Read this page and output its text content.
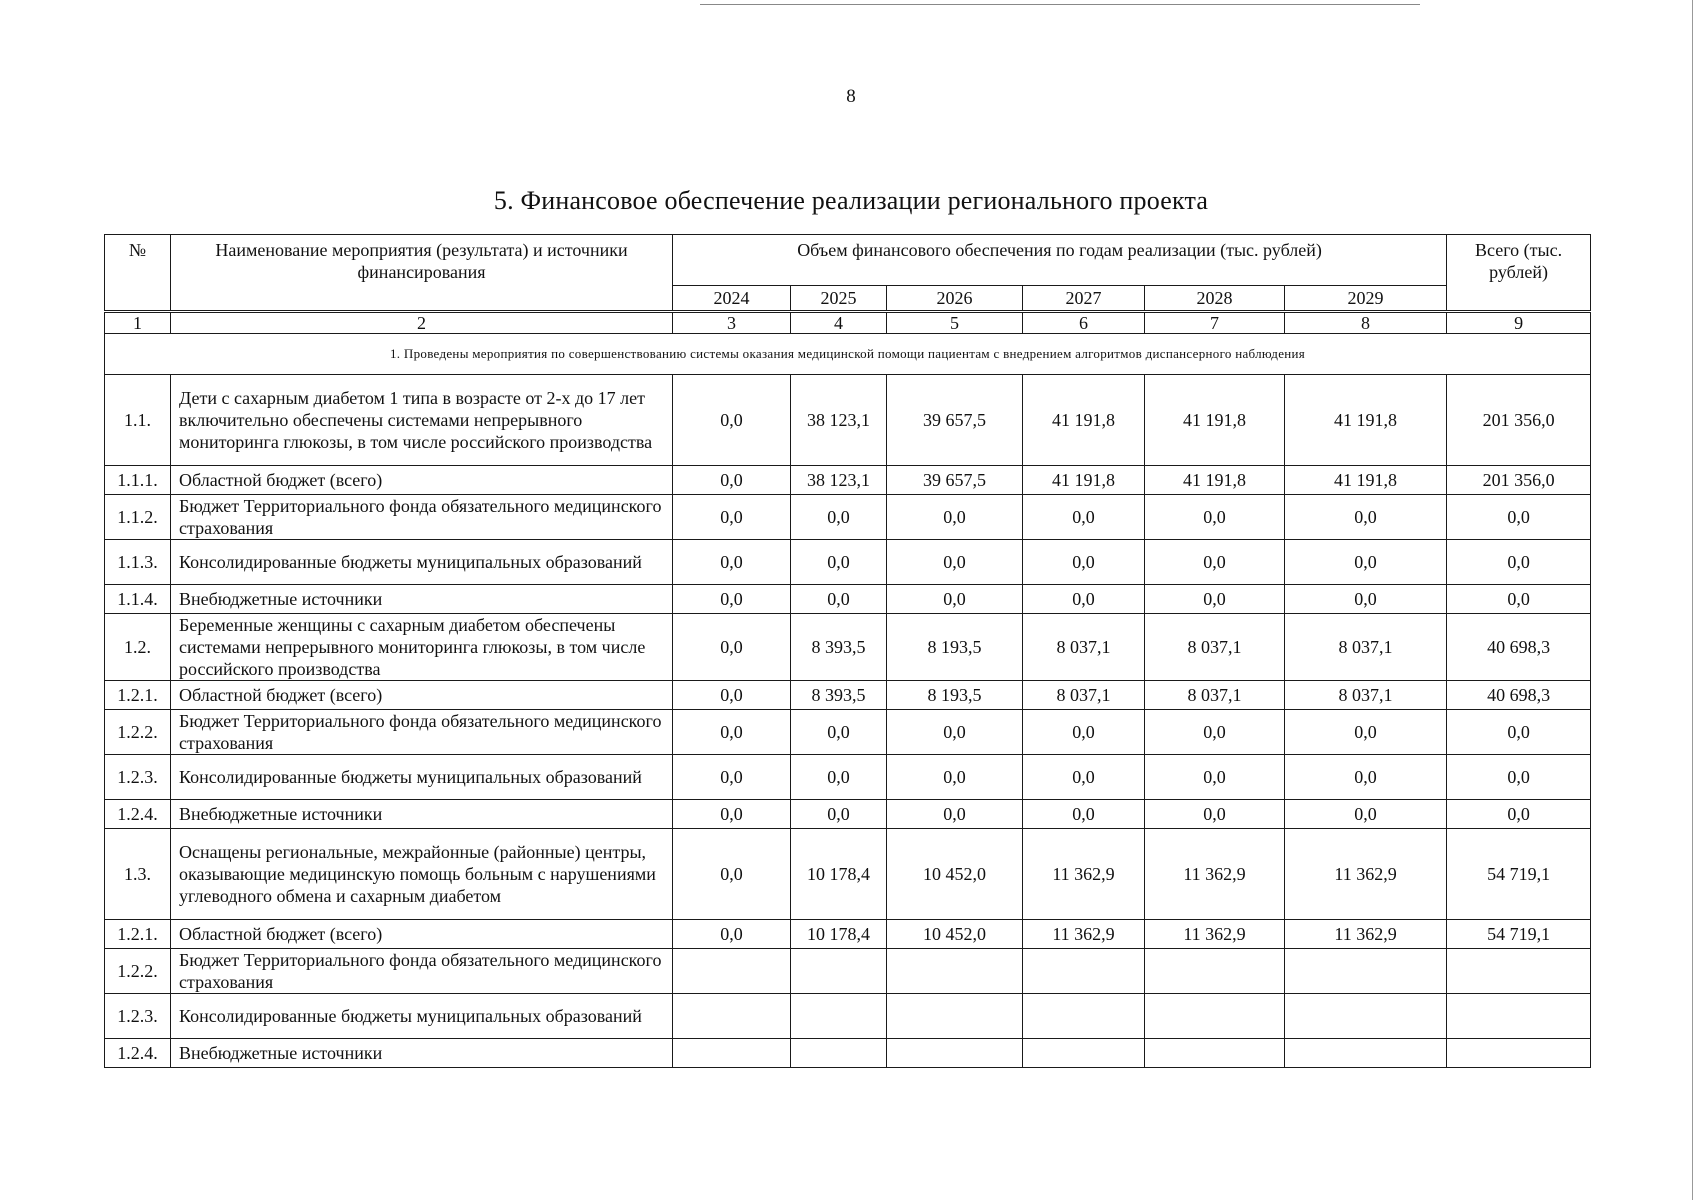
8
5. Финансовое обеспечение реализации регионального проекта
№	Наименование мероприятия (результата) и источники финансирования	Объем финансового обеспечения по годам реализации (тыс. рублей)						Всего (тыс. рублей)
		2024	2025	2026	2027	2028	2029	
1	2	3	4	5	6	7	8	9
1. Проведены мероприятия по совершенствованию системы оказания медицинской помощи пациентам с внедрением алгоритмов диспансерного наблюдения								
1.1.	Дети с сахарным диабетом 1 типа в возрасте от 2-х до 17 лет включительно обеспечены системами непрерывного мониторинга глюкозы, в том числе российского производства	0,0	38 123,1	39 657,5	41 191,8	41 191,8	41 191,8	201 356,0
1.1.1.	Областной бюджет (всего)	0,0	38 123,1	39 657,5	41 191,8	41 191,8	41 191,8	201 356,0
1.1.2.	Бюджет Территориального фонда обязательного медицинского страхования	0,0	0,0	0,0	0,0	0,0	0,0	0,0
1.1.3.	Консолидированные бюджеты муниципальных образований	0,0	0,0	0,0	0,0	0,0	0,0	0,0
1.1.4.	Внебюджетные источники	0,0	0,0	0,0	0,0	0,0	0,0	0,0
1.2.	Беременные женщины с сахарным диабетом обеспечены системами непрерывного мониторинга глюкозы, в том числе российского производства	0,0	8 393,5	8 193,5	8 037,1	8 037,1	8 037,1	40 698,3
1.2.1.	Областной бюджет (всего)	0,0	8 393,5	8 193,5	8 037,1	8 037,1	8 037,1	40 698,3
1.2.2.	Бюджет Территориального фонда обязательного медицинского страхования	0,0	0,0	0,0	0,0	0,0	0,0	0,0
1.2.3.	Консолидированные бюджеты муниципальных образований	0,0	0,0	0,0	0,0	0,0	0,0	0,0
1.2.4.	Внебюджетные источники	0,0	0,0	0,0	0,0	0,0	0,0	0,0
1.3.	Оснащены региональные, межрайонные (районные) центры, оказывающие медицинскую помощь больным с нарушениями углеводного обмена и сахарным диабетом	0,0	10 178,4	10 452,0	11 362,9	11 362,9	11 362,9	54 719,1
1.2.1.	Областной бюджет (всего)	0,0	10 178,4	10 452,0	11 362,9	11 362,9	11 362,9	54 719,1
1.2.2.	Бюджет Территориального фонда обязательного медицинского страхования							
1.2.3.	Консолидированные бюджеты муниципальных образований							
1.2.4.	Внебюджетные источники							
